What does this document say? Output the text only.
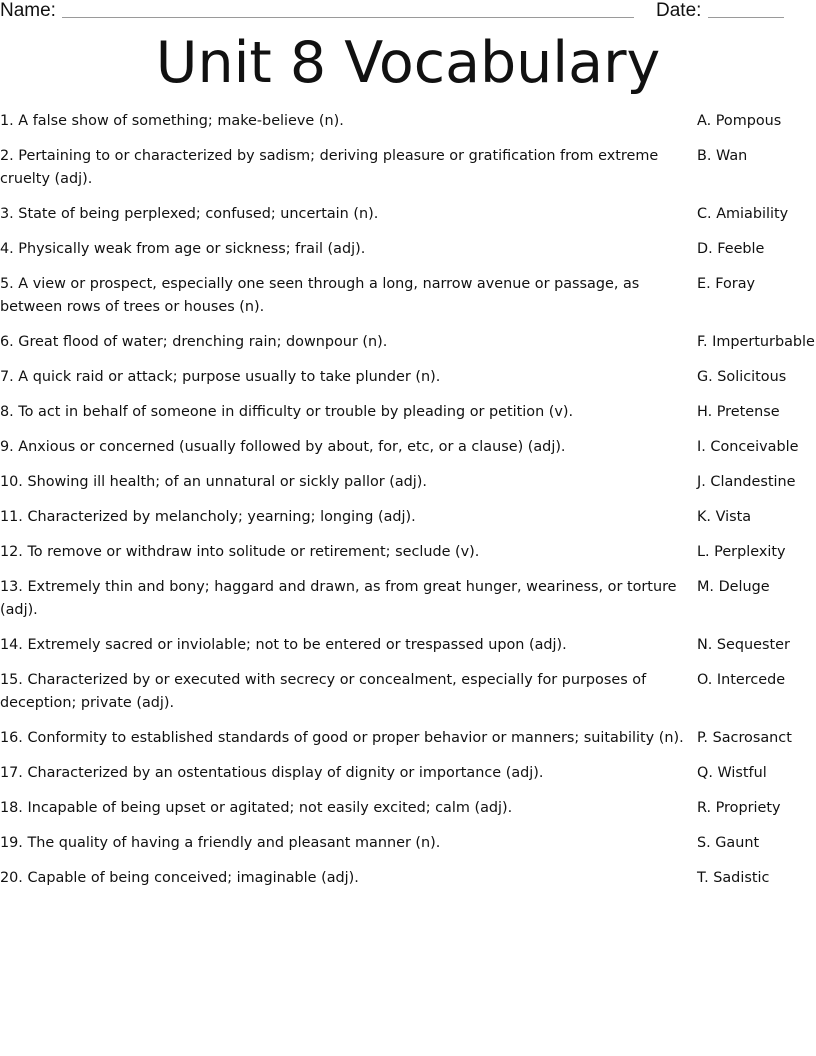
Name:	Date:
Unit 8 Vocabulary
1. A false show of something; make-believe (n).	A. Pompous
2. Pertaining to or characterized by sadism; deriving pleasure or gratification from extreme cruelty (adj).
B. Wan
3. State of being perplexed; confused; uncertain (n).	C. Amiability
4. Physically weak from age or sickness; frail (adj).	D. Feeble
5. A view or prospect, especially one seen through a long, narrow avenue or passage, as between rows of trees or houses (n).
E. Foray
6. Great flood of water; drenching rain; downpour (n).	F. Imperturbable
7. A quick raid or attack; purpose usually to take plunder (n).	G. Solicitous
8. To act in behalf of someone in difficulty or trouble by pleading or petition (v).	H. Pretense
9. Anxious or concerned (usually followed by about, for, etc, or a clause) (adj).	I. Conceivable
10. Showing ill health; of an unnatural or sickly pallor (adj).	J. Clandestine
11. Characterized by melancholy; yearning; longing (adj).	K. Vista
12. To remove or withdraw into solitude or retirement; seclude (v).	L. Perplexity
13. Extremely thin and bony; haggard and drawn, as from great hunger, weariness, or torture (adj).
M. Deluge
14. Extremely sacred or inviolable; not to be entered or trespassed upon (adj).	N. Sequester
15. Characterized by or executed with secrecy or concealment, especially for purposes of deception; private (adj).
O. Intercede
16. Conformity to established standards of good or proper behavior or manners; suitability (n). P. Sacrosanct
17. Characterized by an ostentatious display of dignity or importance (adj).	Q. Wistful
18. Incapable of being upset or agitated; not easily excited; calm (adj).	R. Propriety
19. The quality of having a friendly and pleasant manner (n).	S. Gaunt
20. Capable of being conceived; imaginable (adj).	T. Sadistic
